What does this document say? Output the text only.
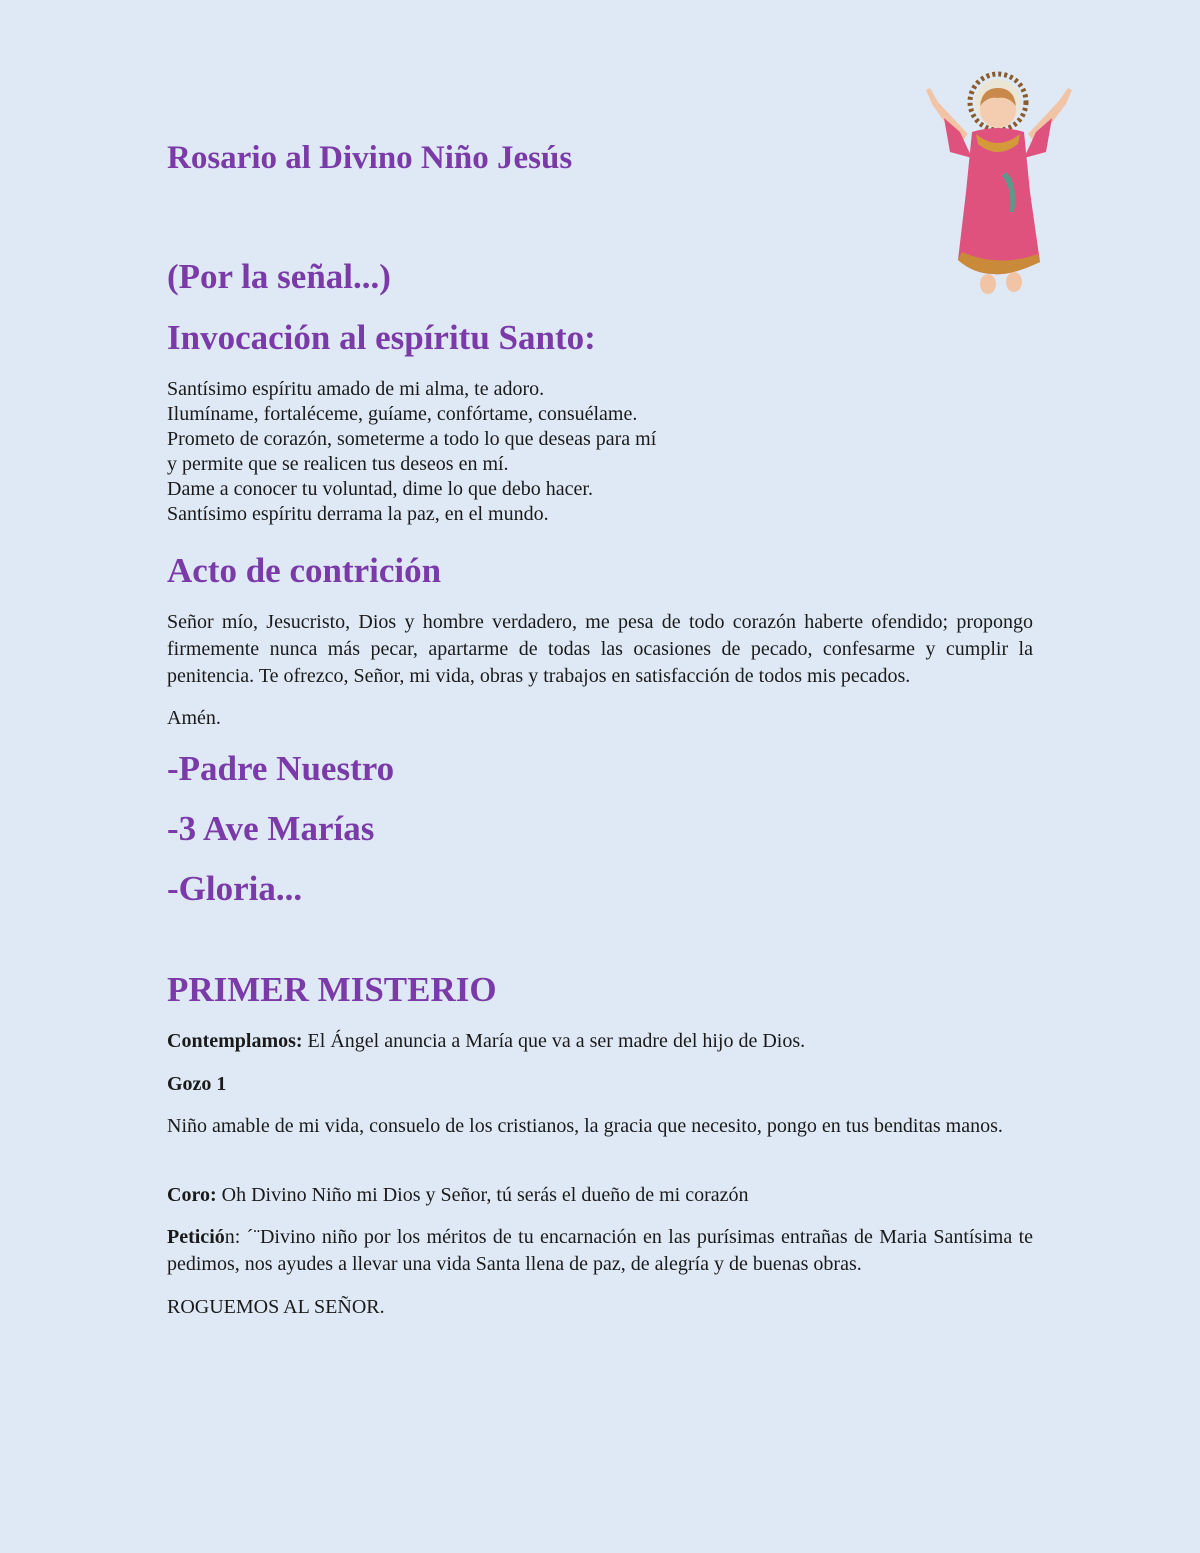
Rosario al Divino Niño Jesús
(Por la señal...)
Invocación al espíritu Santo:
Santísimo espíritu amado de mi alma, te adoro.
Ilumíname, fortaléceme, guíame, confórtame, consuélame.
Prometo de corazón, someterme a todo lo que deseas para mí
y permite que se realicen tus deseos en mí.
Dame a conocer tu voluntad, dime lo que debo hacer.
Santísimo espíritu derrama la paz, en el mundo.
Acto de contrición

Señor mío, Jesucristo, Dios y hombre verdadero, me pesa de todo corazón haberte ofendido; propongo firmemente nunca más pecar, apartarme de todas las ocasiones de pecado, confesarme y cumplir la penitencia. Te ofrezco, Señor, mi vida, obras y trabajos en satisfacción de todos mis pecados.

Amén.

-Padre Nuestro
-3 Ave Marías
-Gloria...
PRIMER MISTERIO

Contemplamos: El Ángel anuncia a María que va a ser madre del hijo de Dios.

Gozo 1

Niño amable de mi vida, consuelo de los cristianos, la gracia que necesito, pongo en tus benditas manos.

Coro: Oh Divino Niño mi Dios y Señor, tú serás el dueño de mi corazón

Petición: ´¨Divino niño por los méritos de tu encarnación en las purísimas entrañas de Maria Santísima te pedimos, nos ayudes a llevar una vida Santa llena de paz, de alegría y de buenas obras.

ROGUEMOS AL SEÑOR.
